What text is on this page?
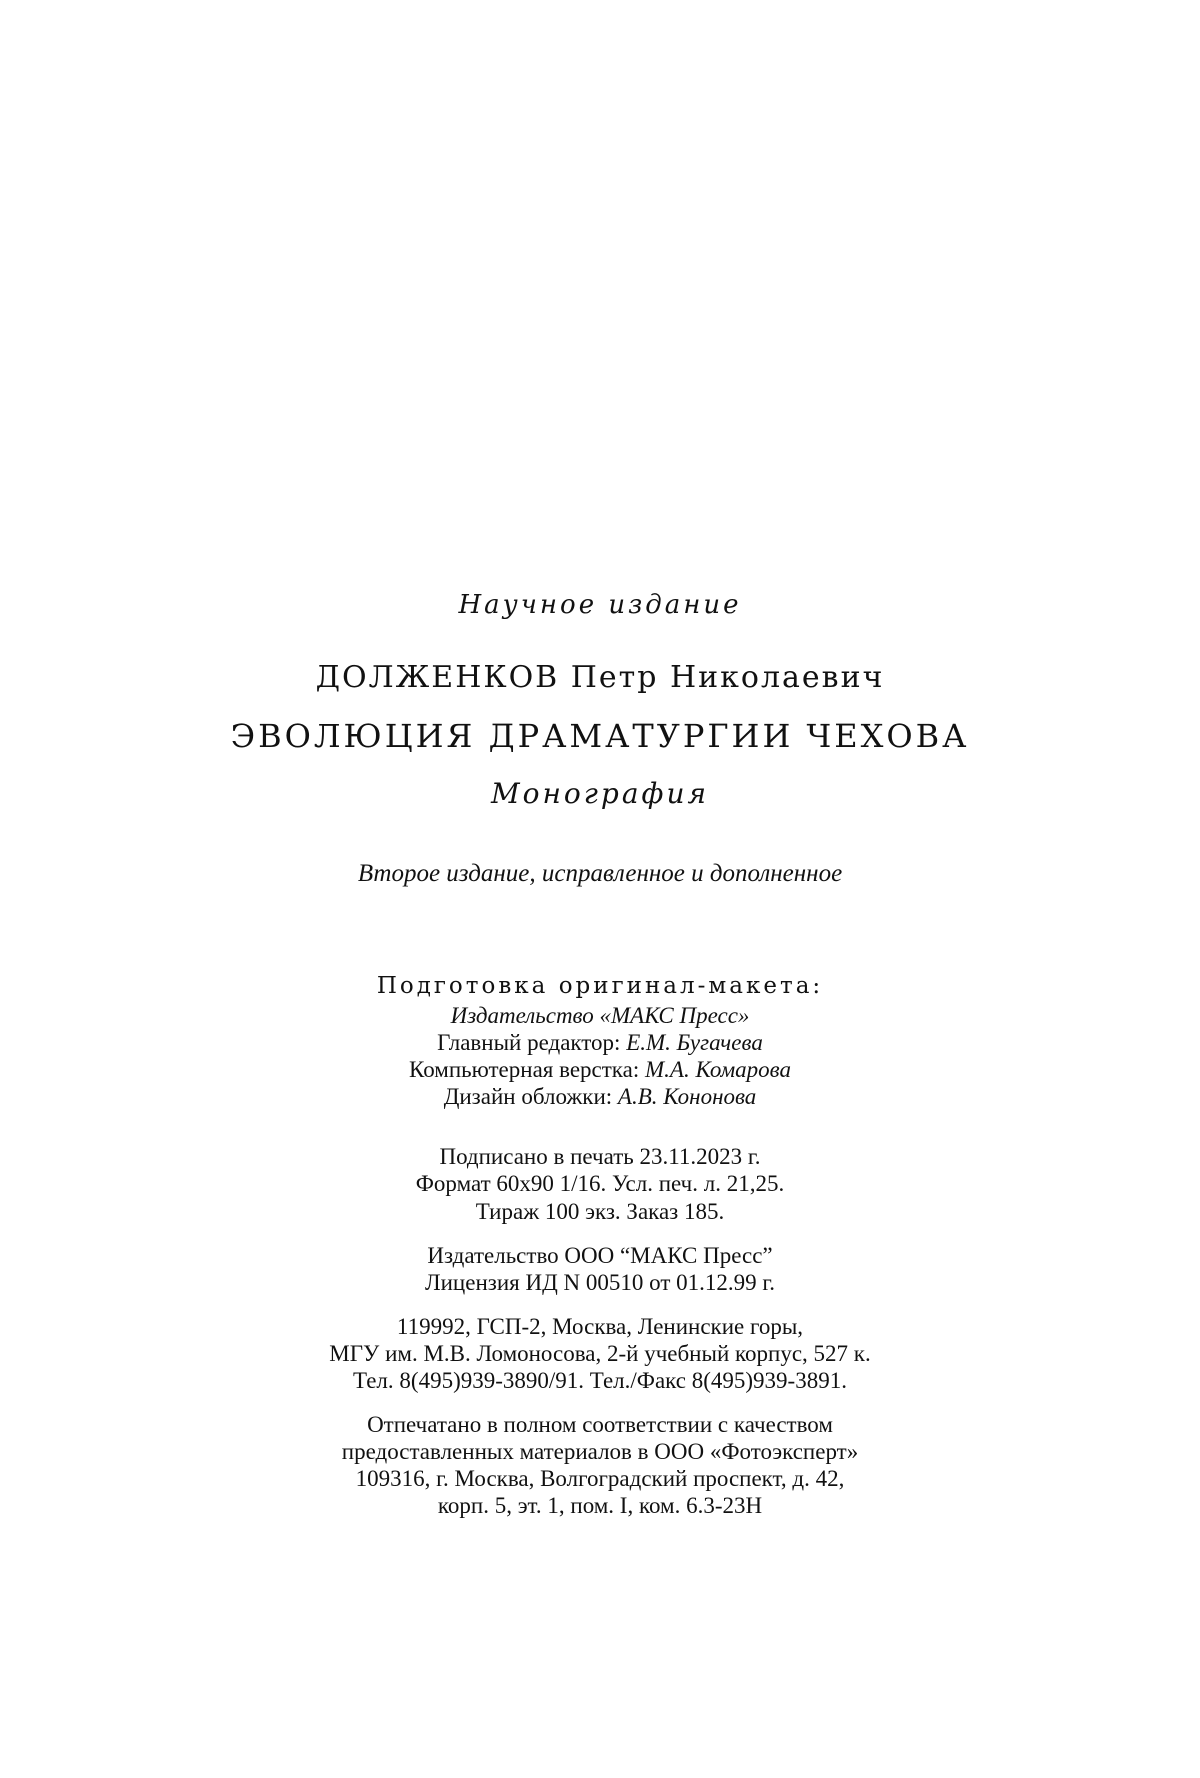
Научное издание
ДОЛЖЕНКОВ Петр Николаевич
ЭВОЛЮЦИЯ ДРАМАТУРГИИ ЧЕХОВА
Монография
Второе издание, исправленное и дополненное
Подготовка оригинал-макета:
Издательство «МАКС Пресс»
Главный редактор: Е.М. Бугачева
Компьютерная верстка: М.А. Комарова
Дизайн обложки: А.В. Кононова
Подписано в печать 23.11.2023 г.
Формат 60х90 1/16. Усл. печ. л. 21,25.
Тираж 100 экз. Заказ 185.
Издательство ООО “МАКС Пресс”
Лицензия ИД N 00510 от 01.12.99 г.
119992, ГСП-2, Москва, Ленинские горы,
МГУ им. М.В. Ломоносова, 2-й учебный корпус, 527 к.
Тел. 8(495)939-3890/91. Тел./Факс 8(495)939-3891.
Отпечатано в полном соответствии с качеством
предоставленных материалов в ООО «Фотоэксперт»
109316, г. Москва, Волгоградский проспект, д. 42,
корп. 5, эт. 1, пом. I, ком. 6.3-23Н
